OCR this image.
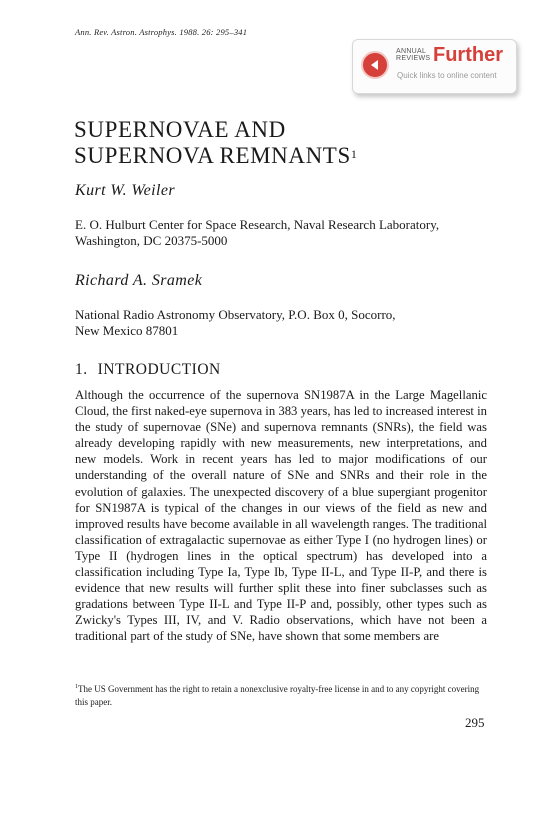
Ann. Rev. Astron. Astrophys. 1988. 26: 295–341
ANNUAL
REVIEWS Further
Quick links to online content
SUPERNOVAE AND
SUPERNOVA REMNANTS$^1$
Kurt W. Weiler
E. O. Hulburt Center for Space Research, Naval Research Laboratory,
Washington, DC 20375-5000
Richard A. Sramek
National Radio Astronomy Observatory, P.O. Box 0, Socorro,
New Mexico 87801
1. INTRODUCTION
Although the occurrence of the supernova SN1987A in the Large Magellanic Cloud, the first naked-eye supernova in 383 years, has led to increased interest in the study of supernovae (SNe) and supernova remnants (SNRs), the field was already developing rapidly with new measurements, new interpretations, and new models. Work in recent years has led to major modifications of our understanding of the overall nature of SNe and SNRs and their role in the evolution of galaxies. The unexpected discovery of a blue supergiant progenitor for SN1987A is typical of the changes in our views of the field as new and improved results have become available in all wavelength ranges. The traditional classification of extragalactic supernovae as either Type I (no hydrogen lines) or Type II (hydrogen lines in the optical spectrum) has developed into a classification including Type Ia, Type Ib, Type II-L, and Type II-P, and there is evidence that new results will further split these into finer subclasses such as gradations between Type II-L and Type II-P and, possibly, other types such as Zwicky's Types III, IV, and V. Radio observations, which have not been a traditional part of the study of SNe, have shown that some members are
$^1$The US Government has the right to retain a nonexclusive royalty-free license in and to any copyright covering this paper.
295
